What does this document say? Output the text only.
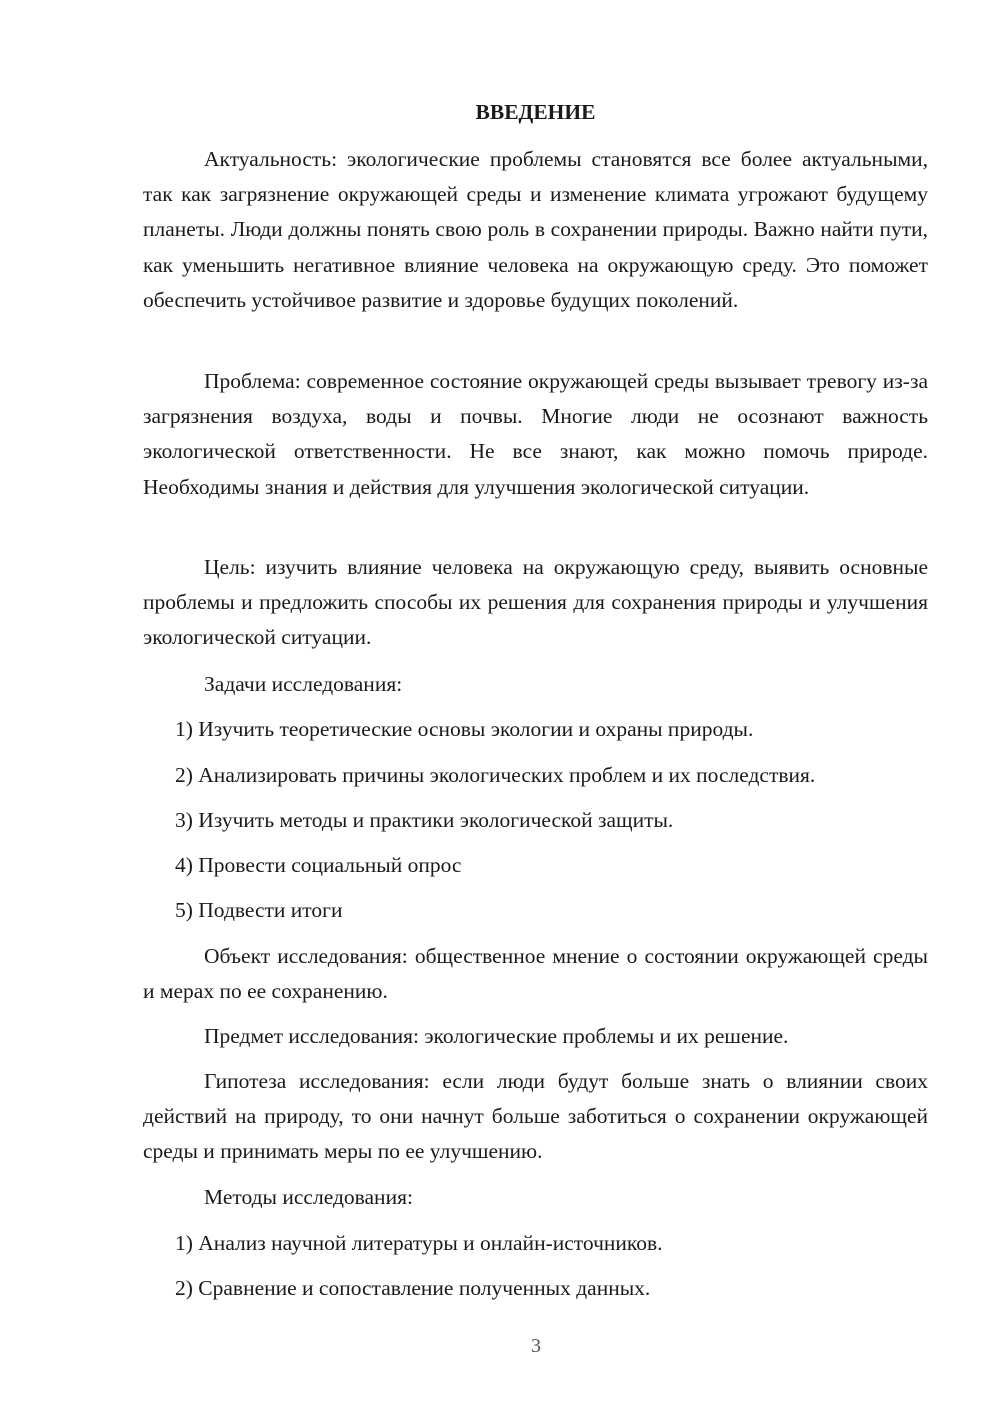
ВВЕДЕНИЕ

Актуальность: экологические проблемы становятся все более актуальными, так как загрязнение окружающей среды и изменение климата угрожают будущему планеты. Люди должны понять свою роль в сохранении природы. Важно найти пути, как уменьшить негативное влияние человека на окружающую среду. Это поможет обеспечить устойчивое развитие и здоровье будущих поколений.

Проблема: современное состояние окружающей среды вызывает тревогу из-за загрязнения воздуха, воды и почвы. Многие люди не осознают важность экологической ответственности. Не все знают, как можно помочь природе. Необходимы знания и действия для улучшения экологической ситуации.

Цель: изучить влияние человека на окружающую среду, выявить основные проблемы и предложить способы их решения для сохранения природы и улучшения экологической ситуации.

Задачи исследования:

1) Изучить теоретические основы экологии и охраны природы.
2) Анализировать причины экологических проблем и их последствия.
3) Изучить методы и практики экологической защиты.
4) Провести социальный опрос
5) Подвести итоги

Объект исследования: общественное мнение о состоянии окружающей среды и мерах по ее сохранению.

Предмет исследования: экологические проблемы и их решение.

Гипотеза исследования: если люди будут больше знать о влиянии своих действий на природу, то они начнут больше заботиться о сохранении окружающей среды и принимать меры по ее улучшению.

Методы исследования:

1) Анализ научной литературы и онлайн-источников.
2) Сравнение и сопоставление полученных данных.
3
